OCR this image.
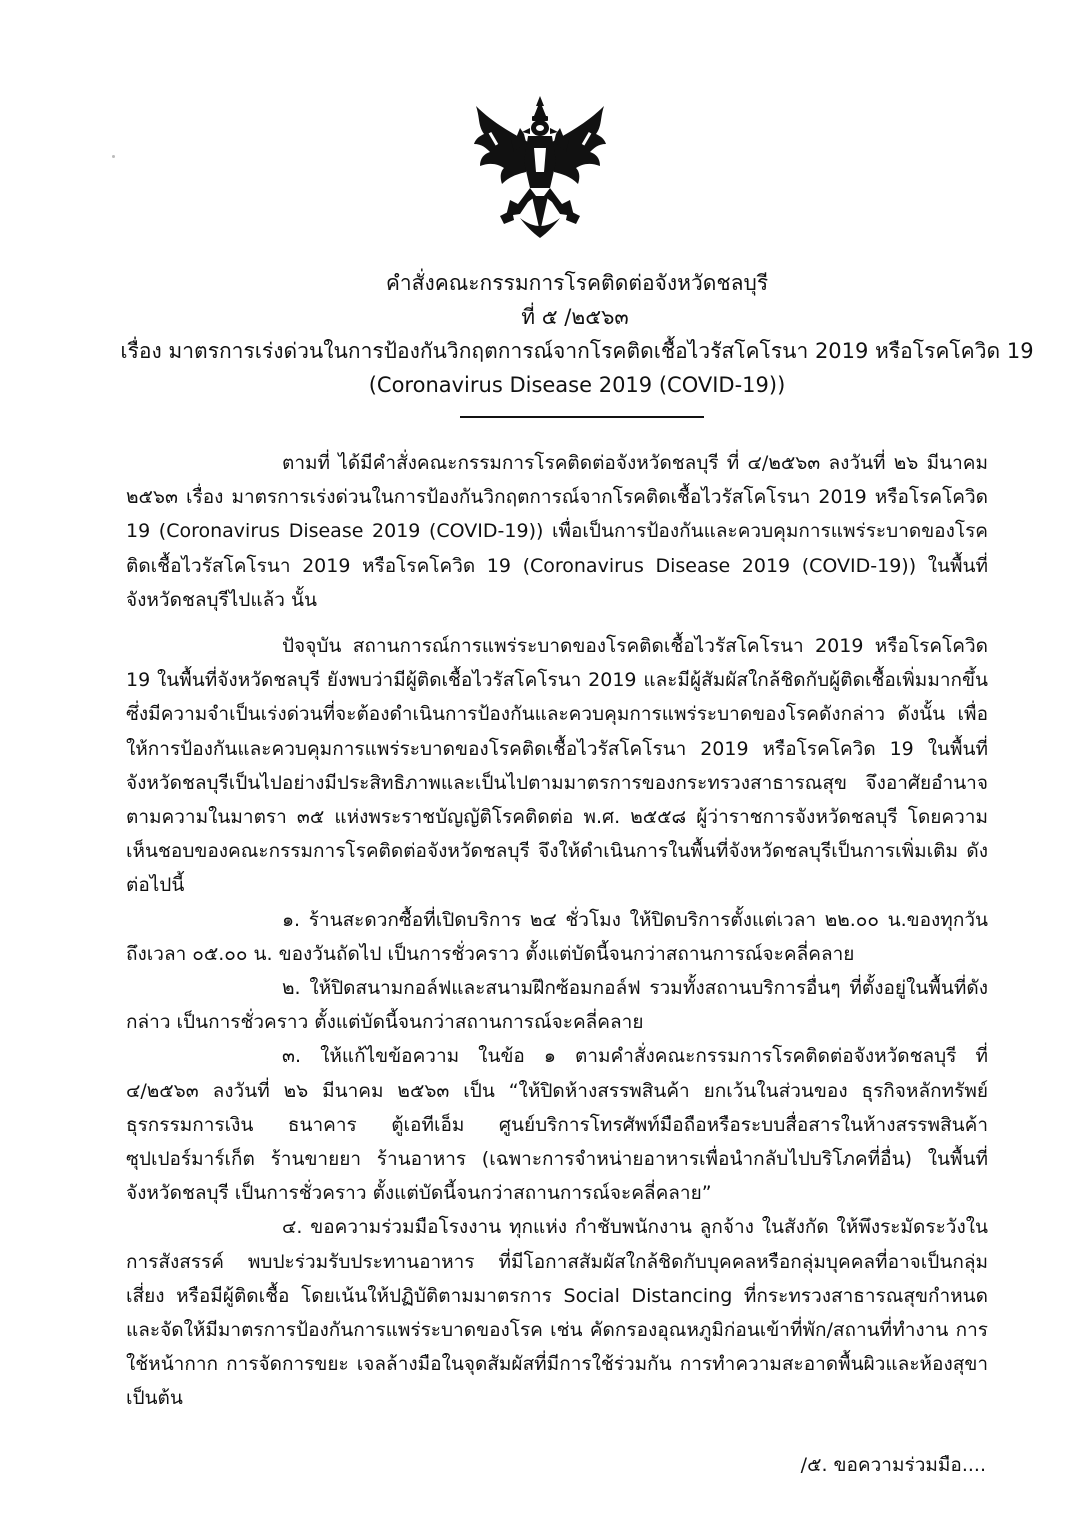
คำสั่งคณะกรรมการโรคติดต่อจังหวัดชลบุรี
ที่ ๕ /๒๕๖๓
เรื่อง มาตรการเร่งด่วนในการป้องกันวิกฤตการณ์จากโรคติดเชื้อไวรัสโคโรนา 2019 หรือโรคโควิด 19
(Coronavirus Disease 2019 (COVID-19))

ตามที่ ได้มีคำสั่งคณะกรรมการโรคติดต่อจังหวัดชลบุรี ที่ ๔/๒๕๖๓ ลงวันที่ ๒๖ มีนาคม ๒๕๖๓ เรื่อง มาตรการเร่งด่วนในการป้องกันวิกฤตการณ์จากโรคติดเชื้อไวรัสโคโรนา 2019 หรือโรคโควิด 19 (Coronavirus Disease 2019 (COVID-19)) เพื่อเป็นการป้องกันและควบคุมการแพร่ระบาดของโรคติดเชื้อไวรัสโคโรนา 2019 หรือโรคโควิด 19 (Coronavirus Disease 2019 (COVID-19)) ในพื้นที่จังหวัดชลบุรีไปแล้ว นั้น

ปัจจุบัน สถานการณ์การแพร่ระบาดของโรคติดเชื้อไวรัสโคโรนา 2019 หรือโรคโควิด 19 ในพื้นที่จังหวัดชลบุรี ยังพบว่ามีผู้ติดเชื้อไวรัสโคโรนา 2019 และมีผู้สัมผัสใกล้ชิดกับผู้ติดเชื้อเพิ่มมากขึ้น ซึ่งมีความจำเป็นเร่งด่วนที่จะต้องดำเนินการป้องกันและควบคุมการแพร่ระบาดของโรคดังกล่าว ดังนั้น เพื่อให้การป้องกันและควบคุมการแพร่ระบาดของโรคติดเชื้อไวรัสโคโรนา 2019 หรือโรคโควิด 19 ในพื้นที่จังหวัดชลบุรีเป็นไปอย่างมีประสิทธิภาพและเป็นไปตามมาตรการของกระทรวงสาธารณสุข จึงอาศัยอำนาจตามความในมาตรา ๓๕ แห่งพระราชบัญญัติโรคติดต่อ พ.ศ. ๒๕๕๘ ผู้ว่าราชการจังหวัดชลบุรี โดยความเห็นชอบของคณะกรรมการโรคติดต่อจังหวัดชลบุรี จึงให้ดำเนินการในพื้นที่จังหวัดชลบุรีเป็นการเพิ่มเติม ดังต่อไปนี้

๑. ร้านสะดวกซื้อที่เปิดบริการ ๒๔ ชั่วโมง ให้ปิดบริการตั้งแต่เวลา ๒๒.๐๐ น.ของทุกวัน ถึงเวลา ๐๕.๐๐ น. ของวันถัดไป เป็นการชั่วคราว ตั้งแต่บัดนี้จนกว่าสถานการณ์จะคลี่คลาย

๒. ให้ปิดสนามกอล์ฟและสนามฝึกซ้อมกอล์ฟ รวมทั้งสถานบริการอื่นๆ ที่ตั้งอยู่ในพื้นที่ดังกล่าว เป็นการชั่วคราว ตั้งแต่บัดนี้จนกว่าสถานการณ์จะคลี่คลาย

๓. ให้แก้ไขข้อความ ในข้อ ๑ ตามคำสั่งคณะกรรมการโรคติดต่อจังหวัดชลบุรี ที่ ๔/๒๕๖๓ ลงวันที่ ๒๖ มีนาคม ๒๕๖๓ เป็น “ให้ปิดห้างสรรพสินค้า ยกเว้นในส่วนของ ธุรกิจหลักทรัพย์ ธุรกรรมการเงิน ธนาคาร ตู้เอทีเอ็ม ศูนย์บริการโทรศัพท์มือถือหรือระบบสื่อสารในห้างสรรพสินค้า ซุปเปอร์มาร์เก็ต ร้านขายยา ร้านอาหาร (เฉพาะการจำหน่ายอาหารเพื่อนำกลับไปบริโภคที่อื่น) ในพื้นที่จังหวัดชลบุรี เป็นการชั่วคราว ตั้งแต่บัดนี้จนกว่าสถานการณ์จะคลี่คลาย”

๔. ขอความร่วมมือโรงงาน ทุกแห่ง กำชับพนักงาน ลูกจ้าง ในสังกัด ให้พึงระมัดระวังในการสังสรรค์ พบปะร่วมรับประทานอาหาร ที่มีโอกาสสัมผัสใกล้ชิดกับบุคคลหรือกลุ่มบุคคลที่อาจเป็นกลุ่มเสี่ยง หรือมีผู้ติดเชื้อ โดยเน้นให้ปฏิบัติตามมาตรการ Social Distancing ที่กระทรวงสาธารณสุขกำหนด และจัดให้มีมาตรการป้องกันการแพร่ระบาดของโรค เช่น คัดกรองอุณหภูมิก่อนเข้าที่พัก/สถานที่ทำงาน การใช้หน้ากาก การจัดการขยะ เจลล้างมือในจุดสัมผัสที่มีการใช้ร่วมกัน การทำความสะอาดพื้นผิวและห้องสุขา เป็นต้น

/๕. ขอความร่วมมือ....
